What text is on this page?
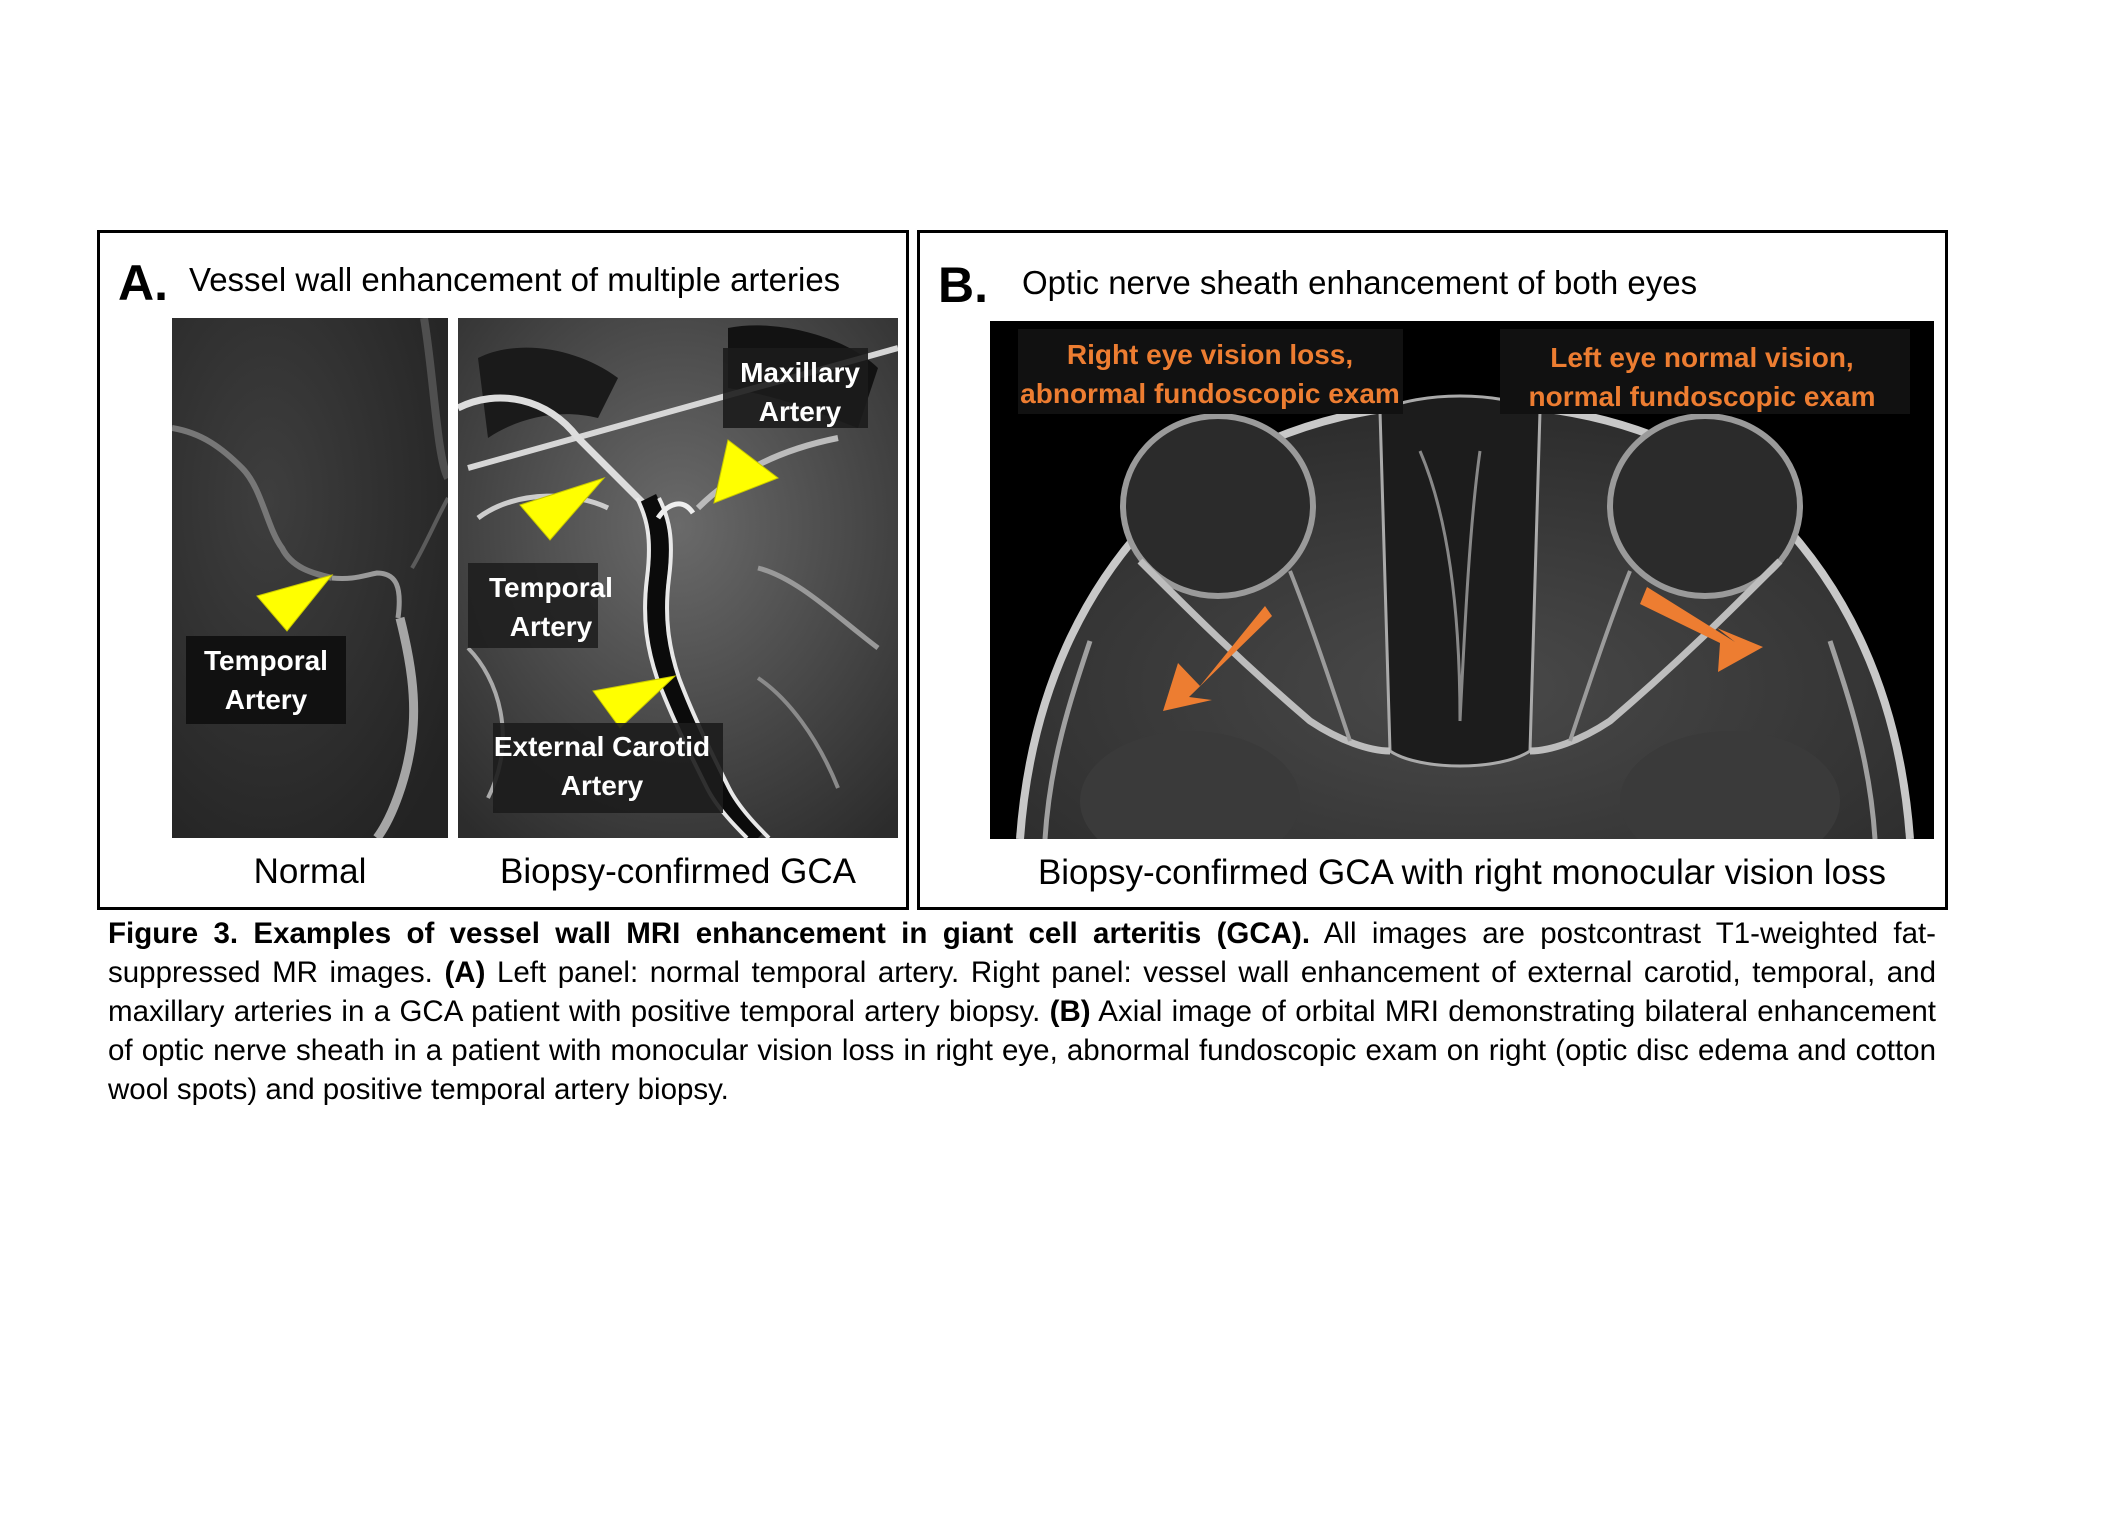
A. Vessel wall enhancement of multiple arteries
Temporal
Artery
Maxillary
Artery
Temporal
Artery
External Carotid
Artery
Normal	Biopsy-confirmed GCA
B. Optic nerve sheath enhancement of both eyes
Right eye vision loss,
abnormal fundoscopic exam
Left eye normal vision,
normal fundoscopic exam
Biopsy-confirmed GCA with right monocular vision loss
Figure 3. Examples of vessel wall MRI enhancement in giant cell arteritis (GCA). All images are postcontrast T1-weighted fat-suppressed MR images. (A) Left panel: normal temporal artery. Right panel: vessel wall enhancement of external carotid, temporal, and maxillary arteries in a GCA patient with positive temporal artery biopsy. (B) Axial image of orbital MRI demonstrating bilateral enhancement of optic nerve sheath in a patient with monocular vision loss in right eye, abnormal fundoscopic exam on right (optic disc edema and cotton wool spots) and positive temporal artery biopsy.
